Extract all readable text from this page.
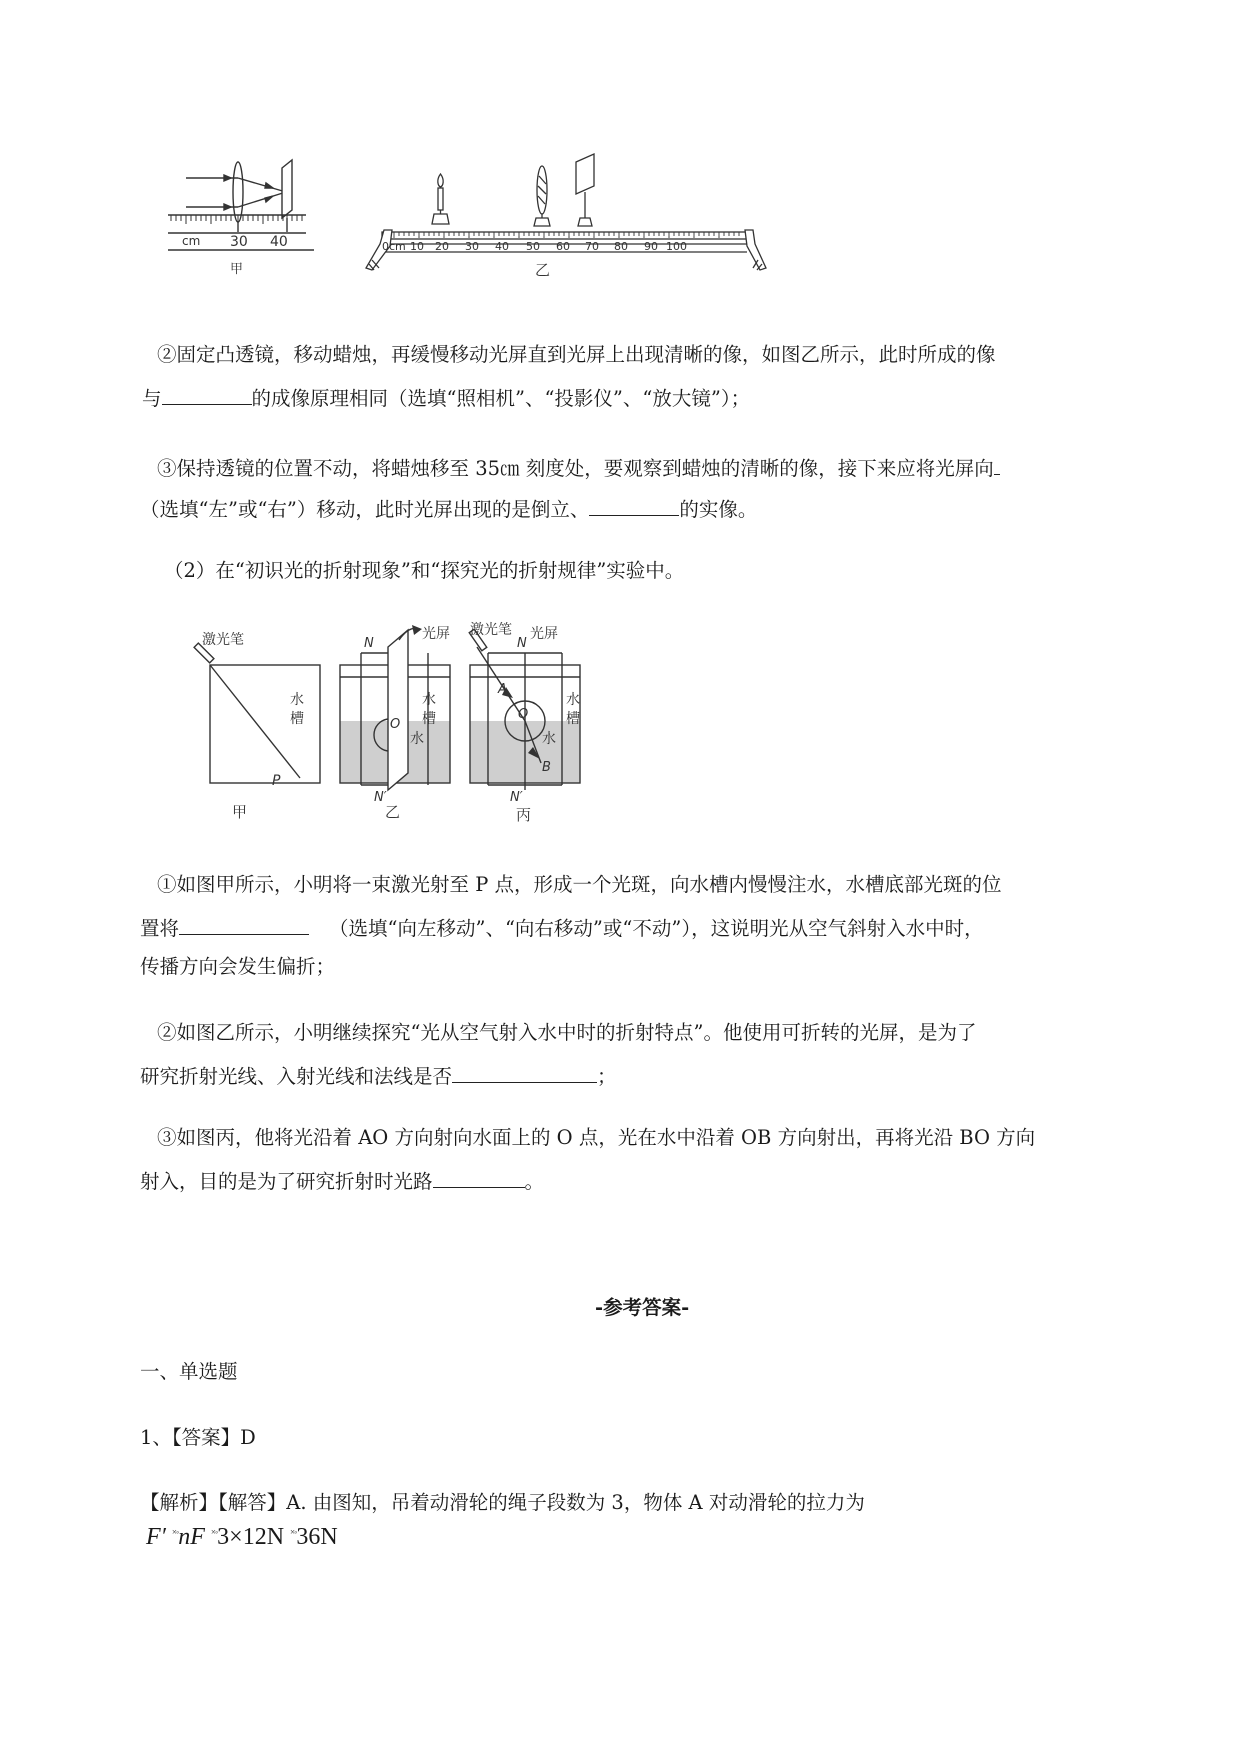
cm 30 40
甲
0cm 10 20 30 40 50 60 70 80 90 100
乙
②固定凸透镜，移动蜡烛，再缓慢移动光屏直到光屏上出现清晰的像，如图乙所示，此时所成的像
与	的成像原理相同（选填“照相机”、“投影仪”、“放大镜”）；
③保持透镜的位置不动，将蜡烛移至 35㎝ 刻度处，要观察到蜡烛的清晰的像，接下来应将光屏向
（选填“左”或“右”）移动，此时光屏出现的是倒立、	的实像。
（2）在“初识光的折射现象”和“探究光的折射规律”实验中。
激光笔
水
槽
P
甲
N
光屏
O
水
槽
水
N′
乙
激光笔
N
光屏
A
O
水
槽
水
B
N′
丙
①如图甲所示，小明将一束激光射至 P 点，形成一个光斑，向水槽内慢慢注水，水槽底部光斑的位
置将	（选填“向左移动”、“向右移动”或“不动”），这说明光从空气斜射入水中时，
传播方向会发生偏折；
②如图乙所示，小明继续探究“光从空气射入水中时的折射特点”。他使用可折转的光屏，是为了
研究折射光线、入射光线和法线是否	；
③如图丙，他将光沿着 AO 方向射向水面上的 O 点，光在水中沿着 OB 方向射出，再将光沿 BO 方向
射入，目的是为了研究折射时光路	。
-参考答案-
一、单选题
1、【答案】D
【解析】【解答】A. 由图知，吊着动滑轮的绳子段数为 3，物体 A 对动滑轮的拉力为
F′ ×◦nF ×◦3×12N ×◦36N
